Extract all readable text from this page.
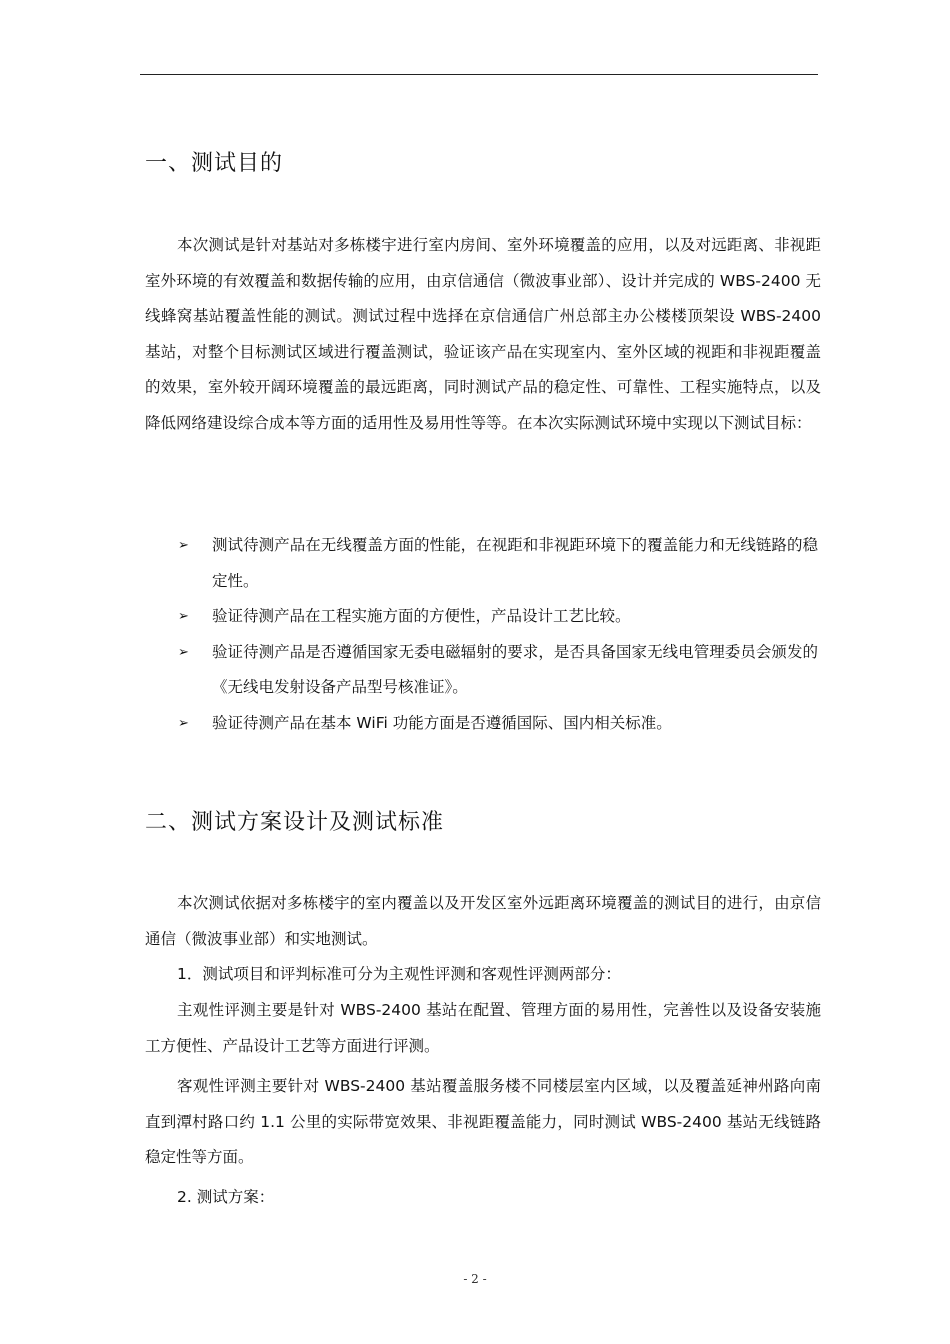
一、测试目的

本次测试是针对基站对多栋楼宇进行室内房间、室外环境覆盖的应用，以及对远距离、非视距室外环境的有效覆盖和数据传输的应用，由京信通信（微波事业部）、设计并完成的 WBS-2400 无线蜂窝基站覆盖性能的测试。测试过程中选择在京信通信广州总部主办公楼楼顶架设 WBS-2400 基站，对整个目标测试区域进行覆盖测试，验证该产品在实现室内、室外区域的视距和非视距覆盖的效果，室外较开阔环境覆盖的最远距离，同时测试产品的稳定性、可靠性、工程实施特点，以及降低网络建设综合成本等方面的适用性及易用性等等。在本次实际测试环境中实现以下测试目标：

➢ 测试待测产品在无线覆盖方面的性能，在视距和非视距环境下的覆盖能力和无线链路的稳定性。
➢ 验证待测产品在工程实施方面的方便性，产品设计工艺比较。
➢ 验证待测产品是否遵循国家无委电磁辐射的要求，是否具备国家无线电管理委员会颁发的《无线电发射设备产品型号核准证》。
➢ 验证待测产品在基本 WiFi 功能方面是否遵循国际、国内相关标准。
二、测试方案设计及测试标准

本次测试依据对多栋楼宇的室内覆盖以及开发区室外远距离环境覆盖的测试目的进行，由京信通信（微波事业部）和实地测试。

1．测试项目和评判标准可分为主观性评测和客观性评测两部分：

主观性评测主要是针对 WBS-2400 基站在配置、管理方面的易用性，完善性以及设备安装施工方便性、产品设计工艺等方面进行评测。

客观性评测主要针对 WBS-2400 基站覆盖服务楼不同楼层室内区域，以及覆盖延神州路向南直到潭村路口约 1.1 公里的实际带宽效果、非视距覆盖能力，同时测试 WBS-2400 基站无线链路稳定性等方面。

2. 测试方案：

- 2 -
